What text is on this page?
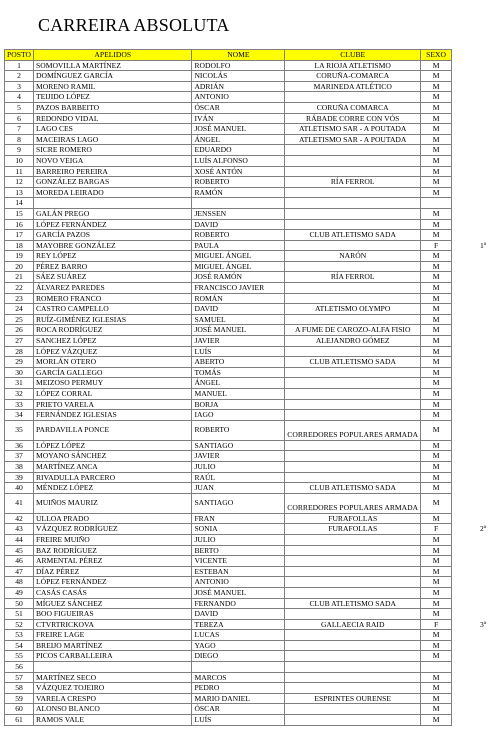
CARREIRA ABSOLUTA
POSTO	APELIDOS	NOME	CLUBE	SEXO	
1	SOMOVILLA MARTÍNEZ	RODOLFO	LA RIOJA ATLETISMO	M	
2	DOMÍNGUEZ GARCÍA	NICOLÁS	CORUÑA-COMARCA	M	
3	MORENO RAMIL	ADRIÁN	MARINEDA ATLÉTICO	M	
4	TEIJIDO LÓPEZ	ANTONIO		M	
5	PAZOS BARBEITO	ÓSCAR	CORUÑA COMARCA	M	
6	REDONDO VIDAL	IVÁN	RÁBADE CORRE CON VÓS	M	
7	LAGO CES	JOSÉ MANUEL	ATLETISMO SAR - A POUTADA	M	
8	MACEIRAS LAGO	ÁNGEL	ATLETISMO SAR - A POUTADA	M	
9	SICRE ROMERO	EDUARDO		M	
10	NOVO VEIGA	LUÍS ALFONSO		M	
11	BARREIRO PEREIRA	XOSÉ ANTÓN		M	
12	GONZÁLEZ BARGAS	ROBERTO	RÍA FERROL	M	
13	MOREDA LEIRADO	RAMÓN		M	
14					
15	GALÁN PREGO	JENSSEN		M	
16	LÓPEZ FERNÁNDEZ	DAVID		M	
17	GARCÍA PAZOS	ROBERTO	CLUB ATLETISMO SADA	M	
18	MAYOBRE GONZÁLEZ	PAULA		F	1ª
19	REY LÓPEZ	MIGUEL ÁNGEL	NARÓN	M	
20	PÉREZ BARRO	MIGUEL ÁNGEL		M	
21	SÁEZ SUÁREZ	JOSÉ RAMÓN	RÍA FERROL	M	
22	ÁLVAREZ PAREDES	FRANCISCO JAVIER		M	
23	ROMERO FRANCO	ROMÁN		M	
24	CASTRO CAMPELLO	DAVID	ATLETISMO OLYMPO	M	
25	RUÍZ-GIMÉNEZ IGLESIAS	SAMUEL		M	
26	ROCA RODRÍGUEZ	JOSÉ MANUEL	A FUME DE CAROZO-ALFA FISIO	M	
27	SANCHEZ LÓPEZ	JAVIER	ALEJANDRO GÓMEZ	M	
28	LÓPEZ VÁZQUEZ	LUÍS		M	
29	MORLÁN OTERO	ABERTO	CLUB ATLETISMO SADA	M	
30	GARCÍA GALLEGO	TOMÁS		M	
31	MEIZOSO PERMUY	ÁNGEL		M	
32	LÓPEZ CORRAL	MANUEL		M	
33	PRIETO VARELA	BORJA		M	
34	FERNÁNDEZ IGLESIAS	IAGO		M	
35	PARDAVILLA PONCE	ROBERTO	CORREDORES POPULARES ARMADA	M	
36	LÓPEZ LÓPEZ	SANTIAGO		M	
37	MOYANO SÁNCHEZ	JAVIER		M	
38	MARTÍNEZ ANCA	JULIO		M	
39	RIVADULLA PARCERO	RAÚL		M	
40	MÉNDEZ LÓPEZ	JUAN	CLUB ATLETISMO SADA	M	
41	MUIÑOS MAURIZ	SANTIAGO	CORREDORES POPULARES ARMADA	M	
42	ULLOA PRADO	FRAN	FURAFOLLAS	M	
43	VÁZQUEZ RODRÍGUEZ	SONIA	FURAFOLLAS	F	2ª
44	FREIRE MUIÑO	JULIO		M	
45	BAZ RODRÍGUEZ	BERTO		M	
46	ARMENTAL PÉREZ	VICENTE		M	
47	DÍAZ PÉREZ	ESTEBAN		M	
48	LÓPEZ FERNÁNDEZ	ANTONIO		M	
49	CASÁS CASÁS	JOSÉ MANUEL		M	
50	MÍGUEZ SÁNCHEZ	FERNANDO	CLUB ATLETISMO SADA	M	
51	BOO FIGUEIRAS	DAVID		M	
52	CTVRTRICKOVA	TEREZA	GALLAECIA RAID	F	3ª
53	FREIRE LAGE	LUCAS		M	
54	BREIJO MARTÍNEZ	YAGO		M	
55	PICOS CARBALLEIRA	DIEGO		M	
56					
57	MARTÍNEZ SECO	MARCOS		M	
58	VÁZQUEZ TOJEIRO	PEDRO		M	
59	VARELA CRESPO	MARIO DANIEL	ESPRINTES OURENSE	M	
60	ALONSO BLANCO	ÓSCAR		M	
61	RAMOS VALE	LUÍS		M	
